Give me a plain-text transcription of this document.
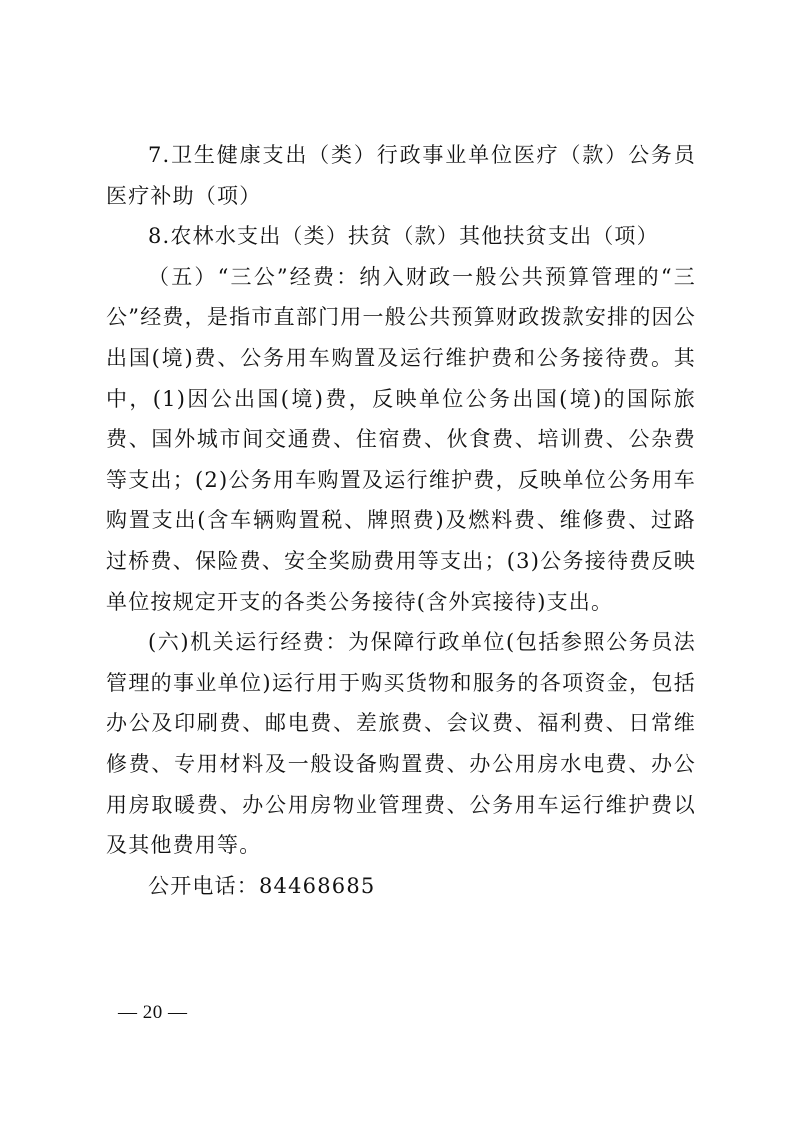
7.卫生健康支出（类）行政事业单位医疗（款）公务员医疗补助（项）

8.农林水支出（类）扶贫（款）其他扶贫支出（项）

（五）“三公”经费：纳入财政一般公共预算管理的“三公”经费，是指市直部门用一般公共预算财政拨款安排的因公出国(境)费、公务用车购置及运行维护费和公务接待费。其中，(1)因公出国(境)费，反映单位公务出国(境)的国际旅费、国外城市间交通费、住宿费、伙食费、培训费、公杂费等支出；(2)公务用车购置及运行维护费，反映单位公务用车购置支出(含车辆购置税、牌照费)及燃料费、维修费、过路过桥费、保险费、安全奖励费用等支出；(3)公务接待费反映单位按规定开支的各类公务接待(含外宾接待)支出。

(六)机关运行经费：为保障行政单位(包括参照公务员法管理的事业单位)运行用于购买货物和服务的各项资金，包括办公及印刷费、邮电费、差旅费、会议费、福利费、日常维修费、专用材料及一般设备购置费、办公用房水电费、办公用房取暖费、办公用房物业管理费、公务用车运行维护费以及其他费用等。

公开电话：84468685

— 20 —
